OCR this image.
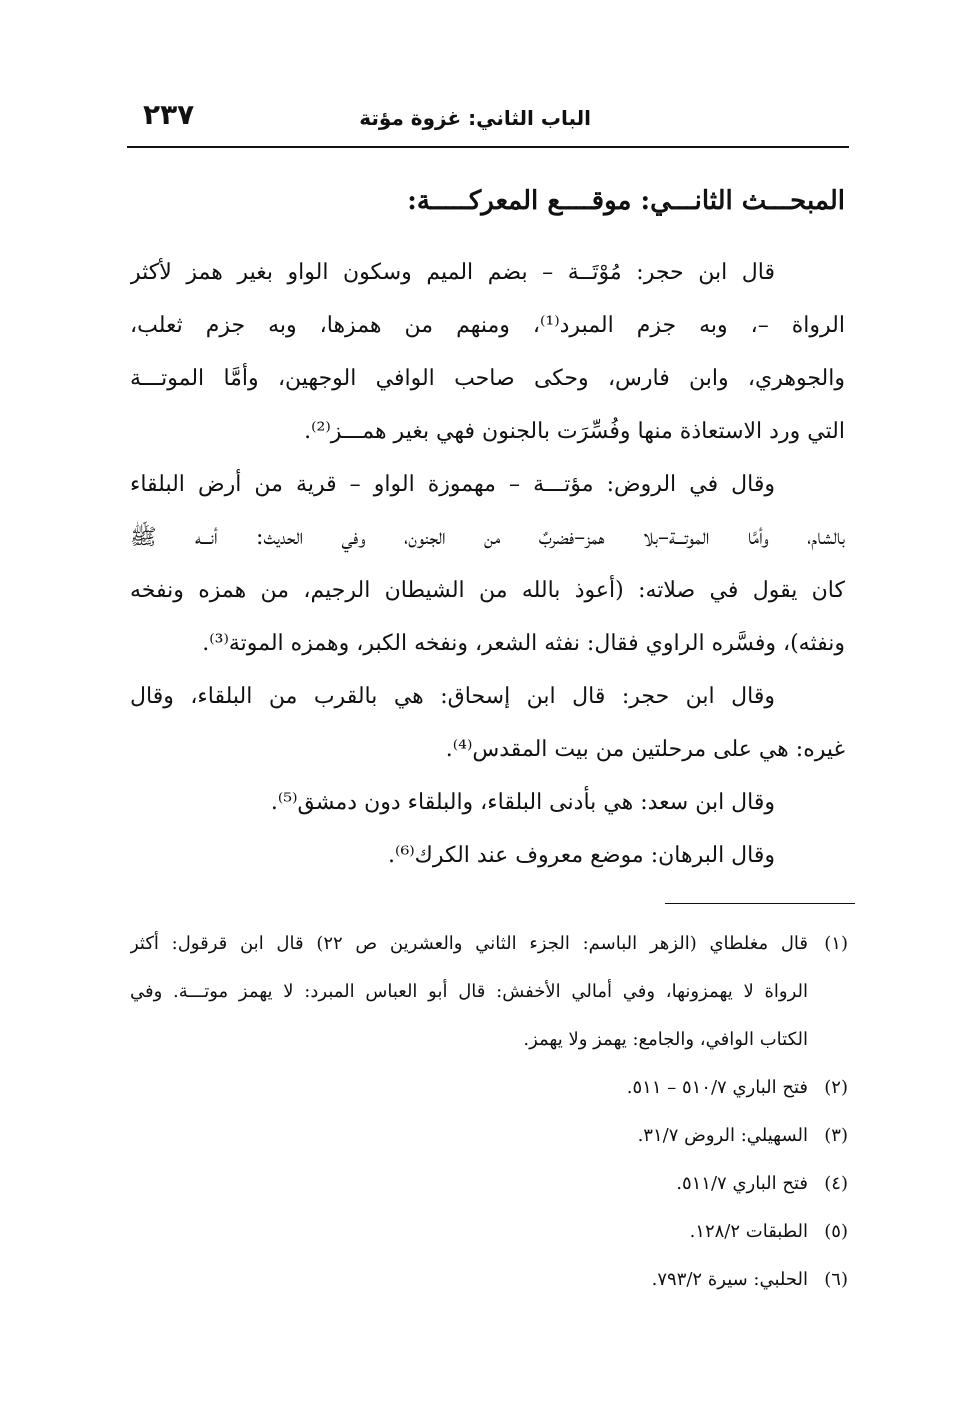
الباب الثاني: غزوة مؤتة
٢٣٧
المبحـــث الثانـــي: موقــــع المعركـــــة:
قال ابن حجر: مُوْتَــة – بضم الميم وسكون الواو بغير همز لأكثر
الرواة –، وبه جزم المبرد⁽¹⁾، ومنهم من همزها، وبه جزم ثعلب،
والجوهري، وابن فارس، وحكى صاحب الوافي الوجهين، وأمَّا الموتـــة
التي ورد الاستعاذة منها وفُسِّرَت بالجنون فهي بغير همـــز⁽²⁾.
وقال في الروض: مؤتـــة – مهموزة الواو – قرية من أرض البلقاء
بالشام، وأمَّا الموتـــة–بلا همز–فضربٌ من الجنون، وفي الحديث: أنـــه ﷺ
كان يقول في صلاته: (أعوذ بالله من الشيطان الرجيم، من همزه ونفخه
ونفثه)، وفسَّره الراوي فقال: نفثه الشعر، ونفخه الكبر، وهمزه الموتة⁽³⁾.
وقال ابن حجر: قال ابن إسحاق: هي بالقرب من البلقاء، وقال
غيره: هي على مرحلتين من بيت المقدس⁽⁴⁾.
وقال ابن سعد: هي بأدنى البلقاء، والبلقاء دون دمشق⁽⁵⁾.
وقال البرهان: موضع معروف عند الكرك⁽⁶⁾.
(١)
قال مغلطاي (الزهر الباسم: الجزء الثاني والعشرين ص ٢٢) قال ابن قرقول: أكثر
الرواة لا يهمزونها، وفي أمالي الأخفش: قال أبو العباس المبرد: لا يهمز موتـــة. وفي
الكتاب الوافي، والجامع: يهمز ولا يهمز.
(٢)
فتح الباري ٥١٠/٧ – ٥١١.
(٣)
السهيلي: الروض ٣١/٧.
(٤)
فتح الباري ٥١١/٧.
(٥)
الطبقات ١٢٨/٢.
(٦)
الحلبي: سيرة ٧٩٣/٢.
